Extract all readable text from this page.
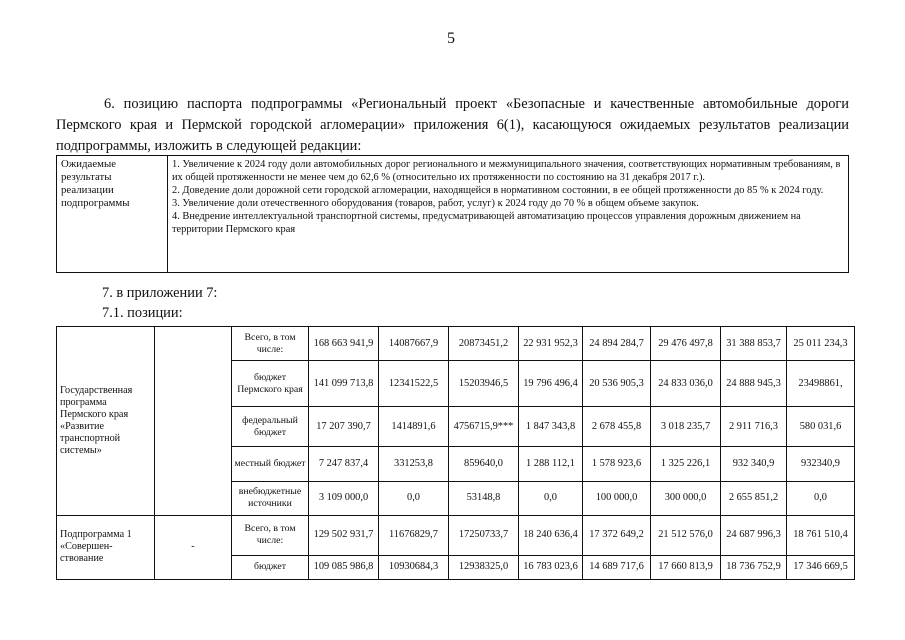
5

6. позицию паспорта подпрограммы «Региональный проект «Безопасные и качественные автомобильные дороги Пермского края и Пермской городской агломерации» приложения 6(1), касающуюся ожидаемых результатов реализации подпрограммы, изложить в следующей редакции:

Ожидаемые результаты реализации подпрограммы	
1. Увеличение к 2024 году доли автомобильных дорог регионального и межмуниципального значения, соответствующих нормативным требованиям, в их общей протяженности не менее чем до 62,6 % (относительно их протяженности по состоянию на 31 декабря 2017 г.).
2. Доведение доли дорожной сети городской агломерации, находящейся в нормативном состоянии, в ее общей протяженности до 85 % к 2024 году.
3. Увеличение доли отечественного оборудования (товаров, работ, услуг) к 2024 году до 70 % в общем объеме закупок.
4. Внедрение интеллектуальной транспортной системы, предусматривающей автоматизацию процессов управления дорожным движением на территории Пермского края
7. в приложении 7:
7.1. позиции:
Государственная программа Пермского края «Развитие транспортной системы»		Всего, в том числе:	168 663 941,9	14087667,9	20873451,2	22 931 952,3	24 894 284,7	29 476 497,8	31 388 853,7	25 011 234,3
		бюджет Пермского края	141 099 713,8	12341522,5	15203946,5	19 796 496,4	20 536 905,3	24 833 036,0	24 888 945,3	23498861,
		федеральный бюджет	17 207 390,7	1414891,6	4756715,9***	1 847 343,8	2 678 455,8	3 018 235,7	2 911 716,3	580 031,6
		местный бюджет	7 247 837,4	331253,8	859640,0	1 288 112,1	1 578 923,6	1 325 226,1	932 340,9	932340,9
		внебюджетные источники	3 109 000,0	0,0	53148,8	0,0	100 000,0	300 000,0	2 655 851,2	0,0
Подпрограмма 1 «Совершен- ствование	-	Всего, в том числе:	129 502 931,7	11676829,7	17250733,7	18 240 636,4	17 372 649,2	21 512 576,0	24 687 996,3	18 761 510,4
		бюджет	109 085 986,8	10930684,3	12938325,0	16 783 023,6	14 689 717,6	17 660 813,9	18 736 752,9	17 346 669,5
